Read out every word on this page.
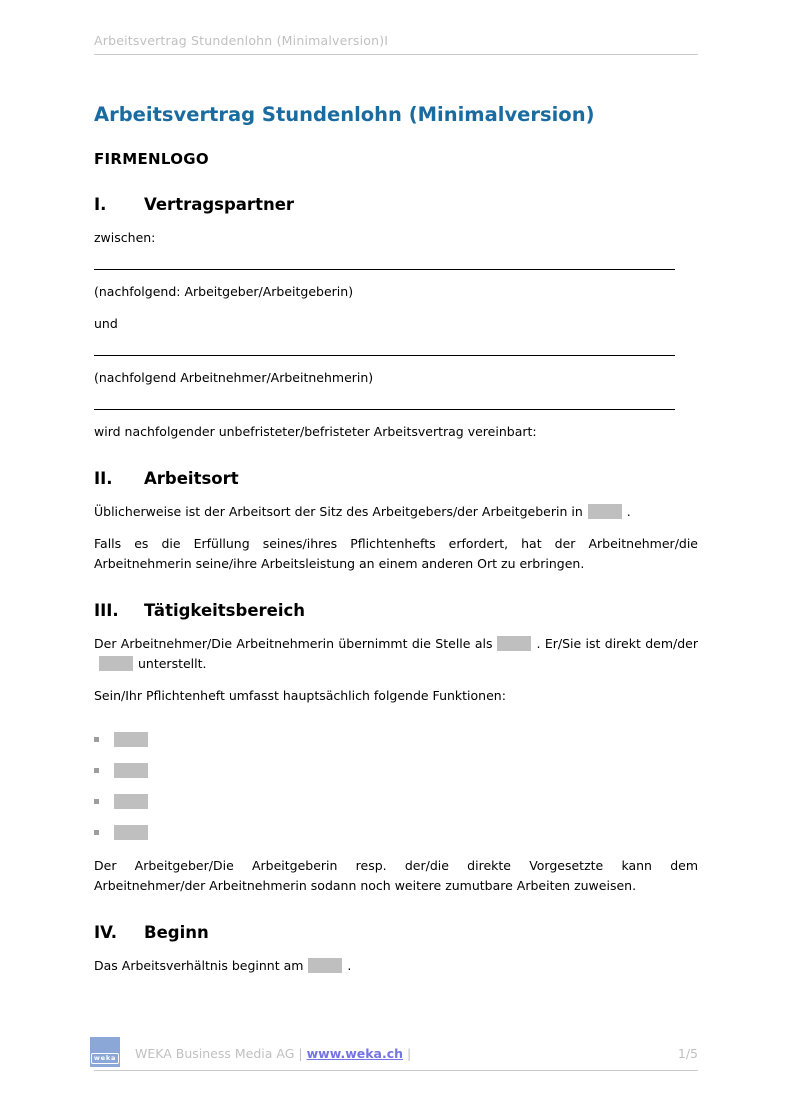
Arbeitsvertrag Stundenlohn (Minimalversion)I
Arbeitsvertrag Stundenlohn (Minimalversion)
FIRMENLOGO
I.	Vertragspartner

zwischen:

(nachfolgend: Arbeitgeber/Arbeitgeberin)

und

(nachfolgend Arbeitnehmer/Arbeitnehmerin)

wird nachfolgender unbefristeter/befristeter Arbeitsvertrag vereinbart:

II.	Arbeitsort

Üblicherweise ist der Arbeitsort der Sitz des Arbeitgebers/der Arbeitgeberin in	.

Falls es die Erfüllung seines/ihres Pflichtenhefts erfordert, hat der Arbeitnehmer/die Arbeitnehmerin seine/ihre Arbeitsleistung an einem anderen Ort zu erbringen.

III.	Tätigkeitsbereich

Der Arbeitnehmer/Die Arbeitnehmerin übernimmt die Stelle als	. Er/Sie ist direkt dem/derunterstellt.

Sein/Ihr Pflichtenheft umfasst hauptsächlich folgende Funktionen:

Der Arbeitgeber/Die Arbeitgeberin resp. der/die direkte Vorgesetzte kann dem Arbeitnehmer/der Arbeitnehmerin sodann noch weitere zumutbare Arbeiten zuweisen.

IV.	Beginn

Das Arbeitsverhältnis beginnt am	.

weka WEKA Business Media AG | www.weka.ch |	1/5
